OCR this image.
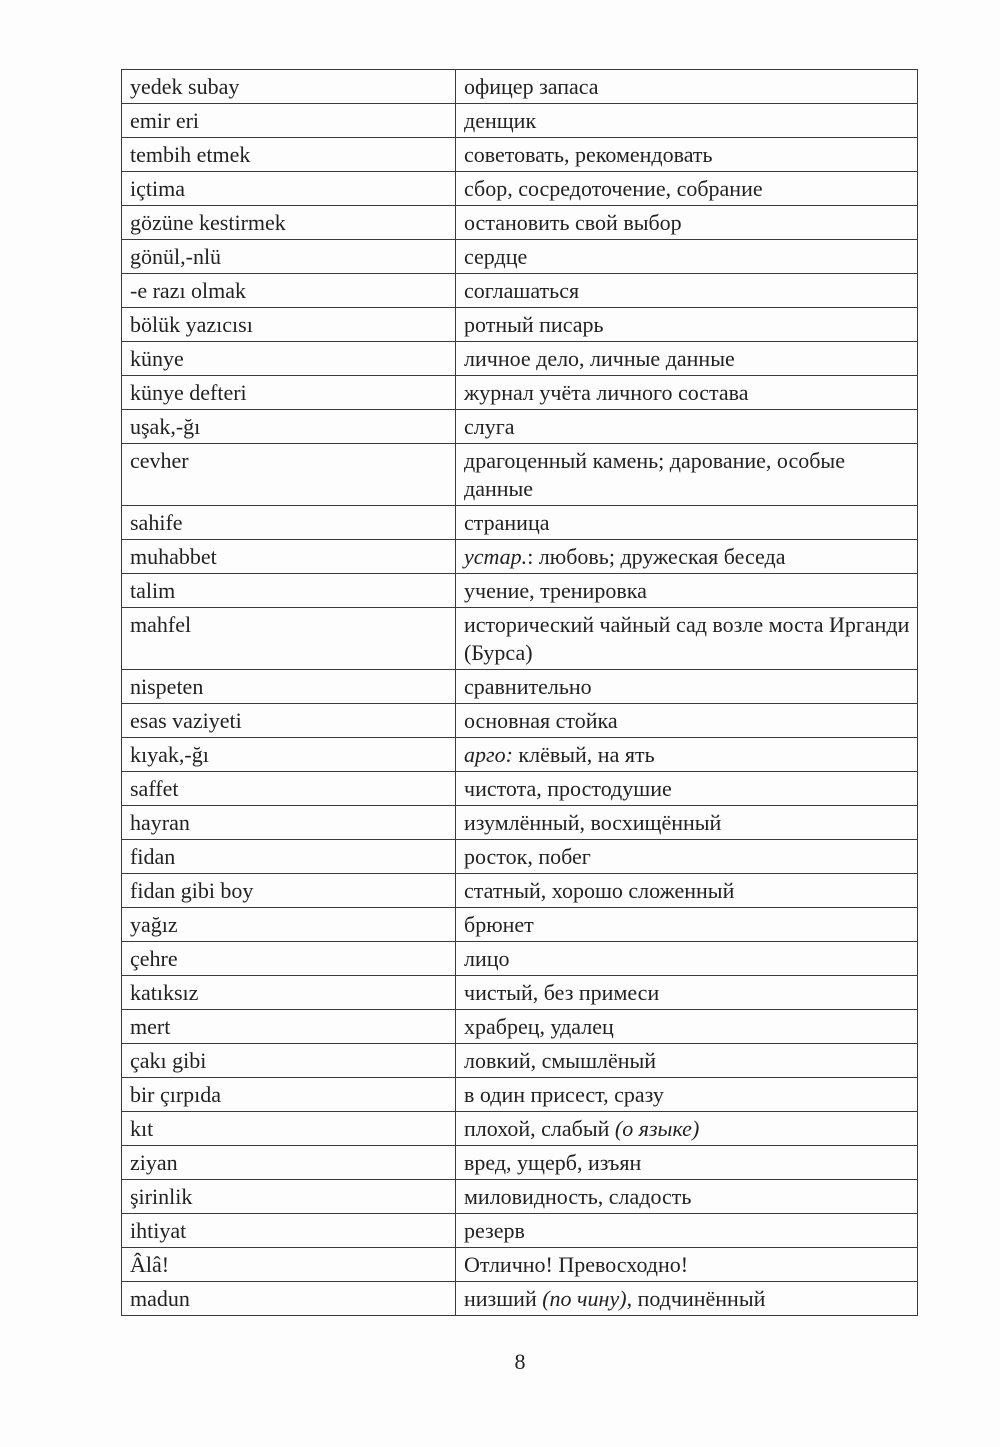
yedek subay	офицер запаса
emir eri	денщик
tembih etmek	советовать, рекомендовать
içtima	сбор, сосредоточение, собрание
gözüne kestirmek	остановить свой выбор
gönül,-nlü	сердце
-e razı olmak	соглашаться
bölük yazıcısı	ротный писарь
künye	личное дело, личные данные
künye defteri	журнал учёта личного состава
uşak,-ğı	слуга
cevher	драгоценный камень; дарование, особые данные
sahife	страница
muhabbet	устар.: любовь; дружеская беседа
talim	учение, тренировка
mahfel	исторический чайный сад возле моста Ирганди (Бурса)
nispeten	сравнительно
esas vaziyeti	основная стойка
kıyak,-ğı	арго: клёвый, на ять
saffet	чистота, простодушие
hayran	изумлённый, восхищённый
fidan	росток, побег
fidan gibi boy	статный, хорошо сложенный
yağız	брюнет
çehre	лицо
katıksız	чистый, без примеси
mert	храбрец, удалец
çakı gibi	ловкий, смышлёный
bir çırpıda	в один присест, сразу
kıt	плохой, слабый (о языке)
ziyan	вред, ущерб, изъян
şirinlik	миловидность, сладость
ihtiyat	резерв
Âlâ!	Отлично! Превосходно!
madun	низший (по чину), подчинённый
8
